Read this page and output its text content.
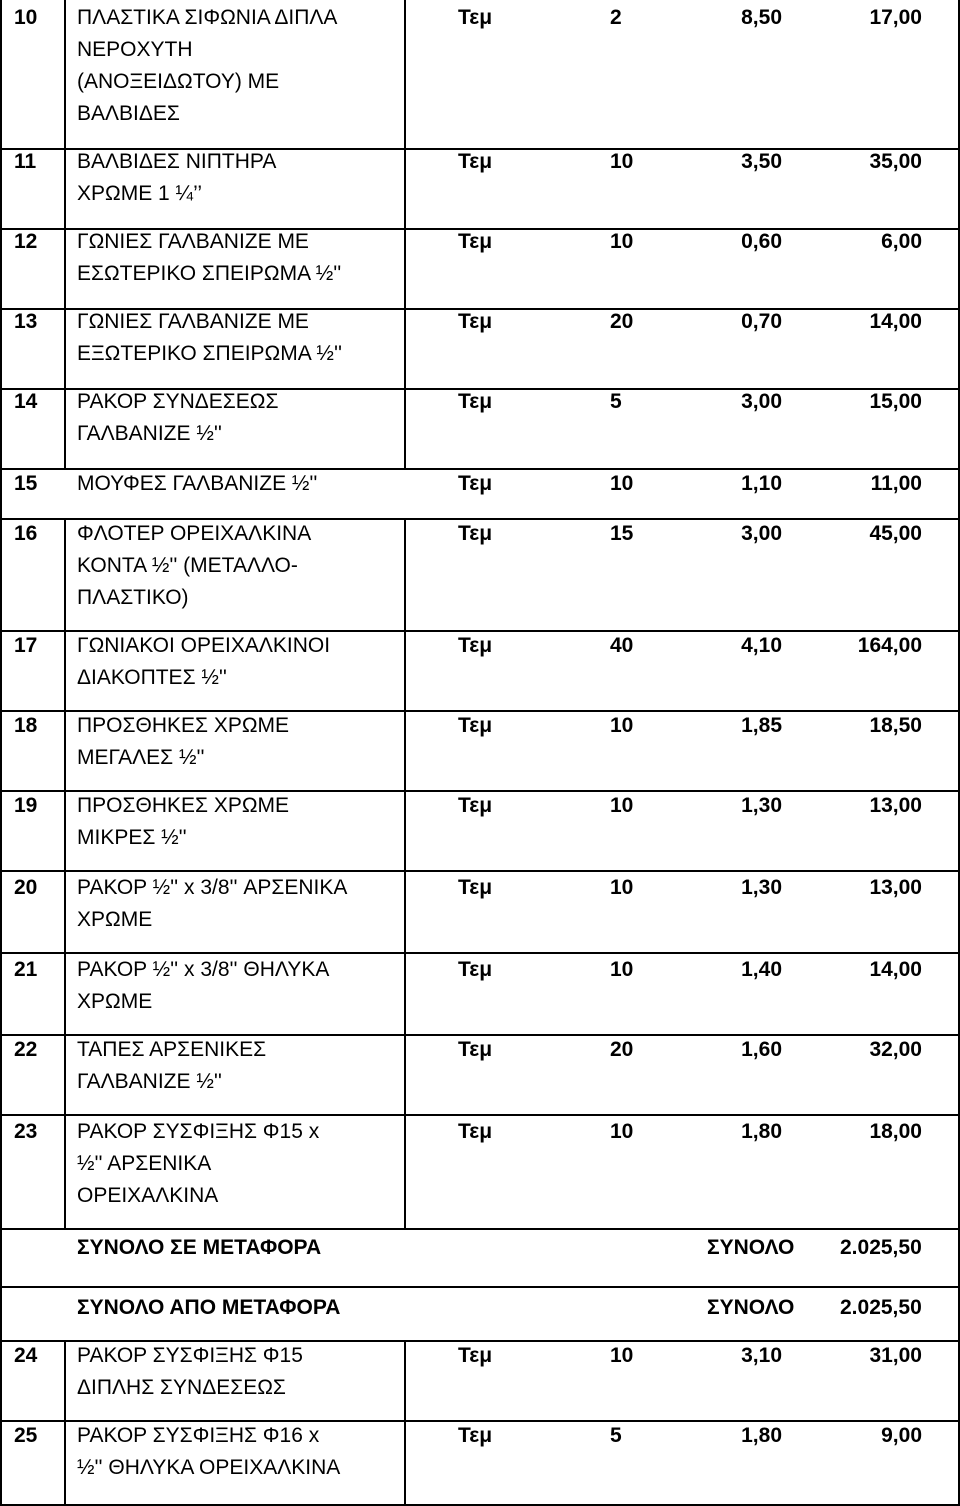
ΣΥΝΟΛΟ ΣΕ ΜΕΤΑΦΟΡΑ	ΣΥΝΟΛΟ 2.025,50
ΣΥΝΟΛΟ ΑΠΟ ΜΕΤΑΦΟΡΑ	ΣΥΝΟΛΟ 2.025,50
10 ΠΛΑΣΤΙΚΑ ΣΙΦΩΝΙΑ ΔΙΠΛΑ
ΝΕΡΟΧΥΤΗ
(ΑΝΟΞΕΙΔΩΤΟΥ) ΜΕ
ΒΑΛΒΙΔΕΣ
Τεμ	2	8,50	17,00
11 ΒΑΛΒΙΔΕΣ ΝΙΠΤΗΡΑ
ΧΡΩΜΕ 1 ¼’’
Τεμ	10	3,50	35,00
12 ΓΩΝΙΕΣ ΓΑΛΒΑΝΙΖΕ ΜΕ
ΕΣΩΤΕΡΙΚΟ ΣΠΕΙΡΩΜΑ ½''
Τεμ	10	0,60	6,00
13 ΓΩΝΙΕΣ ΓΑΛΒΑΝΙΖΕ ΜΕ
ΕΞΩΤΕΡΙΚΟ ΣΠΕΙΡΩΜΑ ½''
Τεμ	20	0,70	14,00
14 ΡΑΚΟΡ ΣΥΝΔΕΣΕΩΣ
ΓΑΛΒΑΝΙΖΕ ½''
Τεμ	5	3,00	15,00
15 ΜΟΥΦΕΣ ΓΑΛΒΑΝΙΖΕ ½''	Τεμ	10	1,10	11,00
16 ΦΛΟΤΕΡ ΟΡΕΙΧΑΛΚΙΝΑ
ΚΟΝΤΑ ½'' (ΜΕΤΑΛΛΟ-
ΠΛΑΣΤΙΚΟ)
Τεμ	15	3,00	45,00
17 ΓΩΝΙΑΚΟΙ ΟΡΕΙΧΑΛΚΙΝΟΙ
ΔΙΑΚΟΠΤΕΣ ½''
Τεμ	40	4,10	164,00
18 ΠΡΟΣΘΗΚΕΣ ΧΡΩΜΕ
ΜΕΓΑΛΕΣ ½''
Τεμ	10	1,85	18,50
19 ΠΡΟΣΘΗΚΕΣ ΧΡΩΜΕ
ΜΙΚΡΕΣ ½''
Τεμ	10	1,30	13,00
20 ΡΑΚΟΡ ½'' x 3/8'' ΑΡΣΕΝΙΚΑ
ΧΡΩΜΕ
Τεμ	10	1,30	13,00
21 ΡΑΚΟΡ ½'' x 3/8'' ΘΗΛΥΚΑ
ΧΡΩΜΕ
Τεμ	10	1,40	14,00
22 ΤΑΠΕΣ ΑΡΣΕΝΙΚΕΣ
ΓΑΛΒΑΝΙΖΕ ½''
Τεμ	20	1,60	32,00
23 ΡΑΚΟΡ ΣΥΣΦΙΞΗΣ Φ15 x
½'' ΑΡΣΕΝΙΚΑ
ΟΡΕΙΧΑΛΚΙΝΑ
Τεμ	10	1,80	18,00
24 ΡΑΚΟΡ ΣΥΣΦΙΞΗΣ Φ15
ΔΙΠΛΗΣ ΣΥΝΔΕΣΕΩΣ
Τεμ	10	3,10	31,00
25 ΡΑΚΟΡ ΣΥΣΦΙΞΗΣ Φ16 x
½'' ΘΗΛΥΚΑ ΟΡΕΙΧΑΛΚΙΝΑ
Τεμ	5	1,80	9,00
